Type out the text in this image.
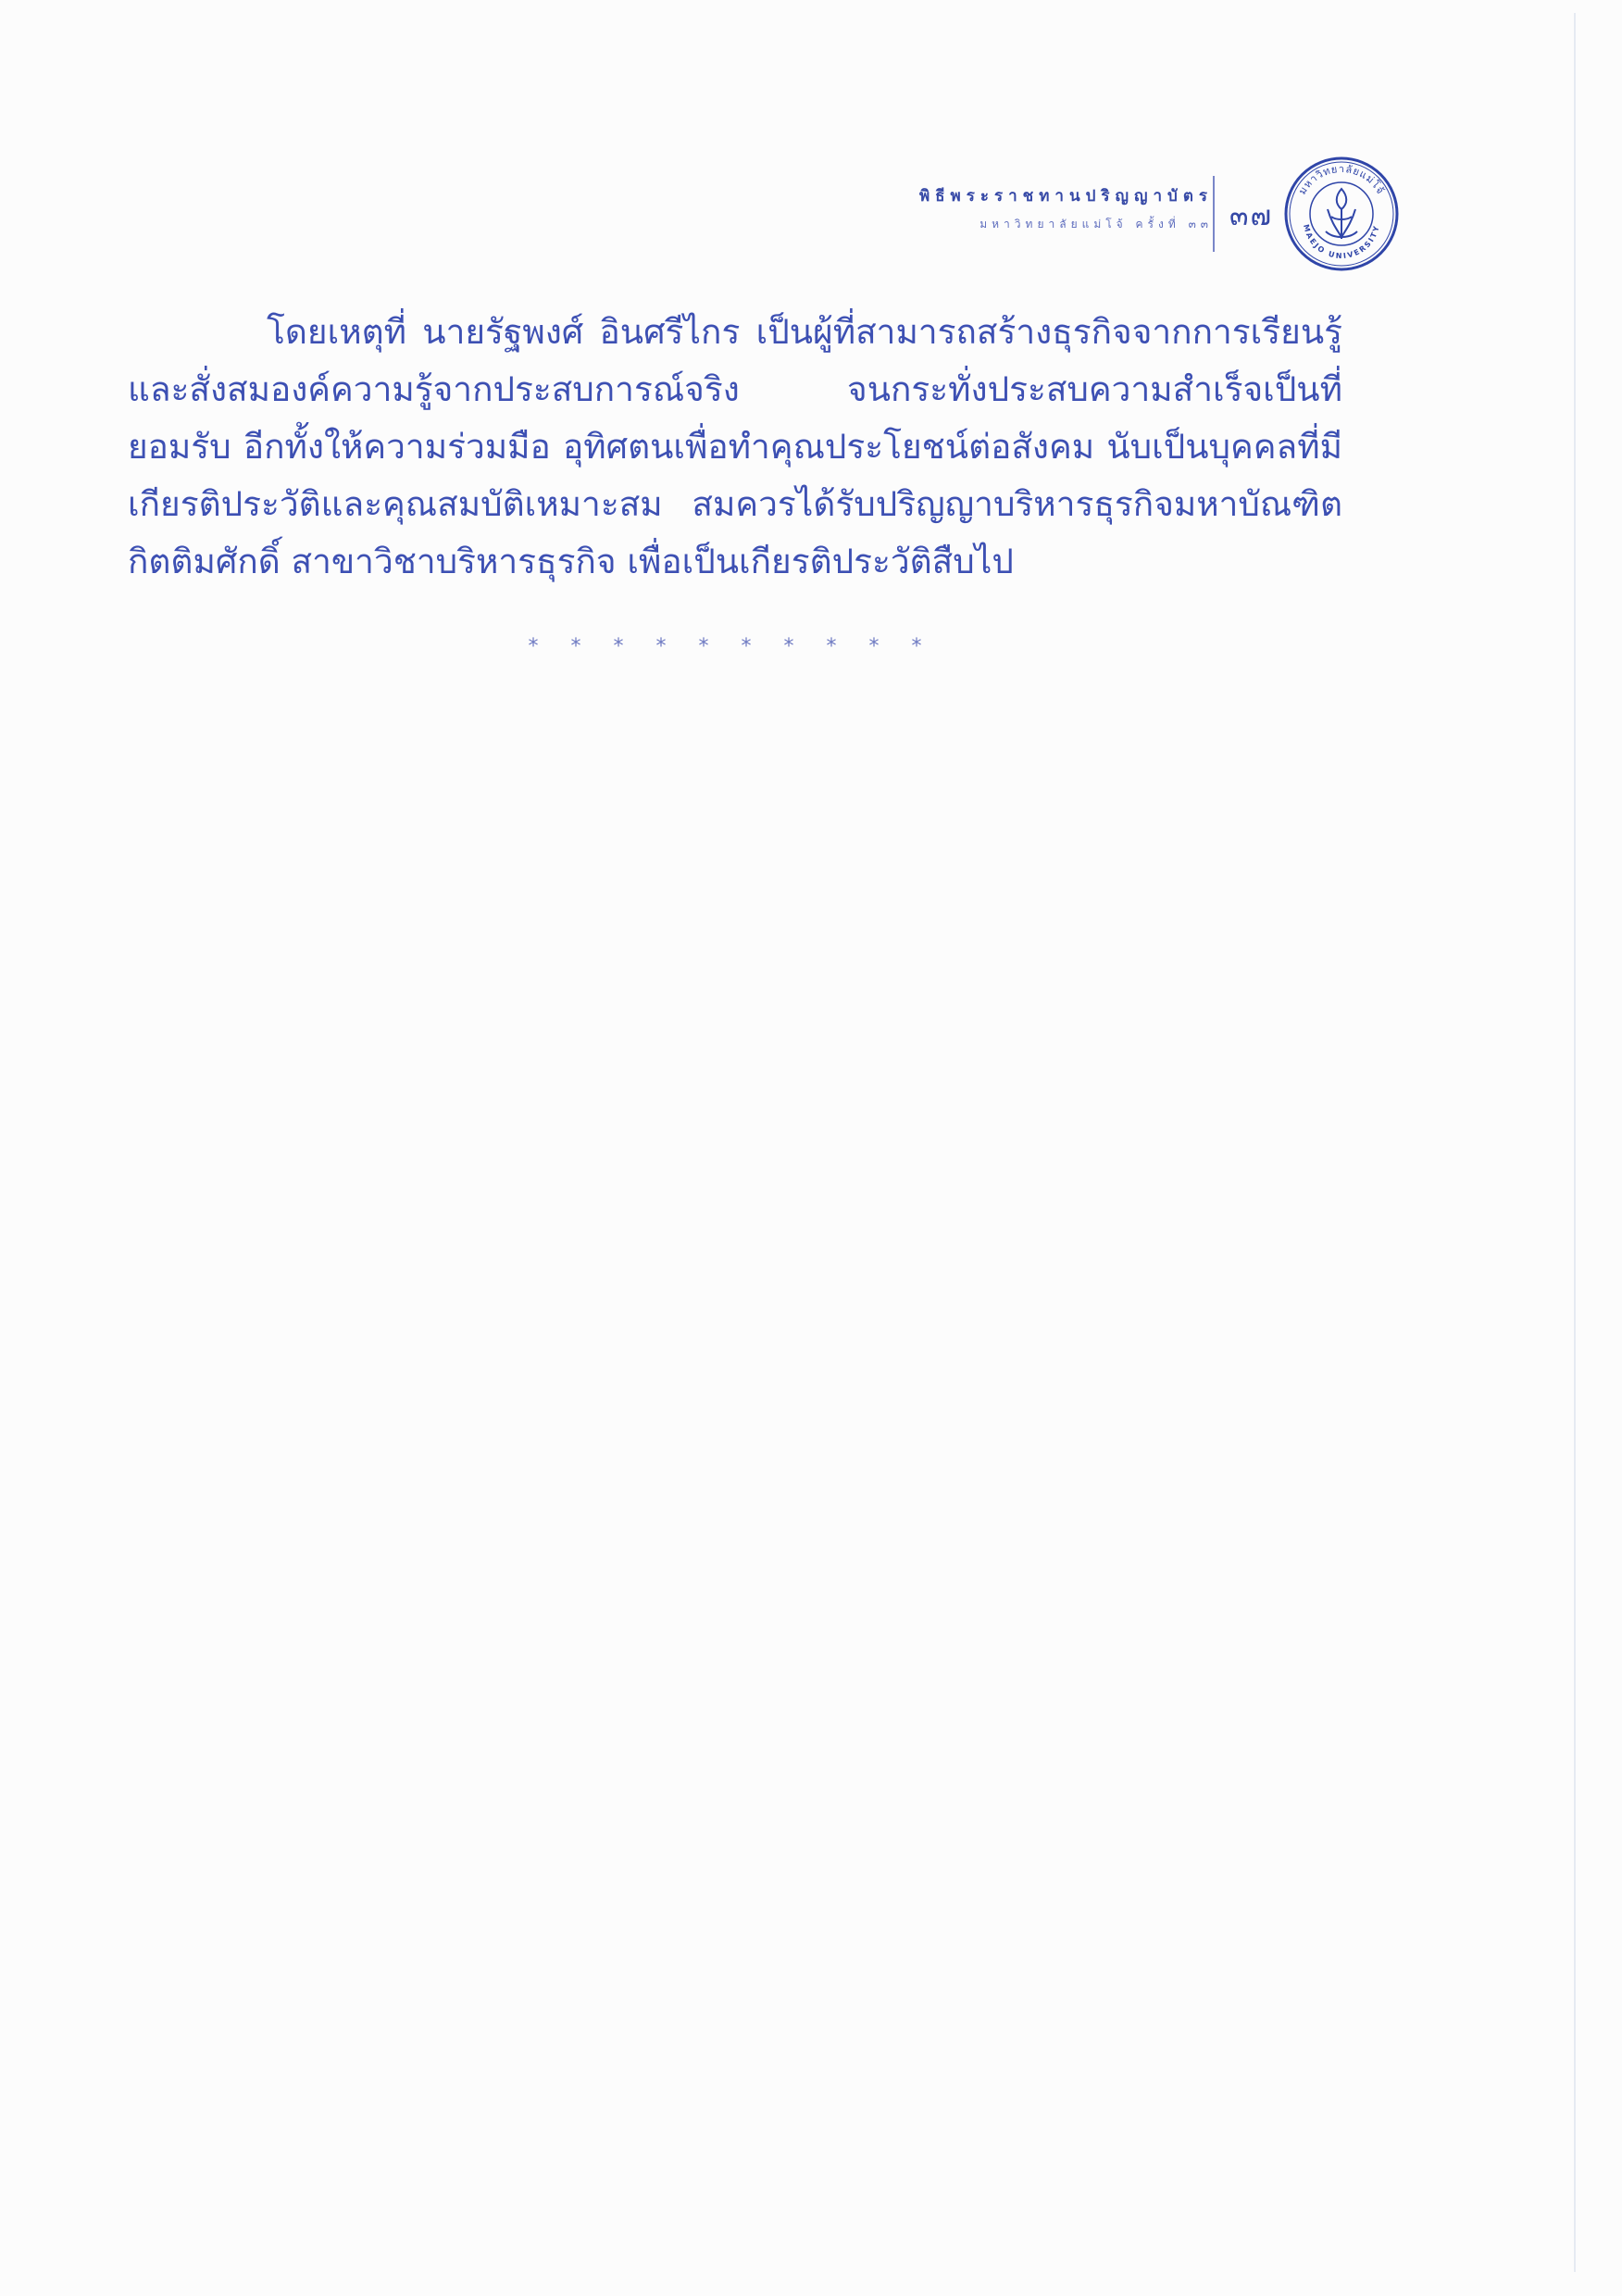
พิธีพระราชทานปริญญาบัตร
มหาวิทยาลัยแม่โจ้ ครั้งที่ ๓๓ ๓๗
มหาวิทยาลัยแม่โจ้
MAEJO UNIVERSITY
โดยเหตุที่ นายรัฐพงศ์ อินศรีไกร เป็นผู้ที่สามารถสร้างธุรกิจจากการเรียนรู้และสั่งสมองค์ความรู้จากประสบการณ์จริง จนกระทั่งประสบความสำเร็จเป็นที่ยอมรับ อีกทั้งให้ความร่วมมือ อุทิศตนเพื่อทำคุณประโยชน์ต่อสังคม นับเป็นบุคคลที่มีเกียรติประวัติและคุณสมบัติเหมาะสม สมควรได้รับปริญญาบริหารธุรกิจมหาบัณฑิตกิตติมศักดิ์ สาขาวิชาบริหารธุรกิจ เพื่อเป็นเกียรติประวัติสืบไป
* * * * * * * * * *
